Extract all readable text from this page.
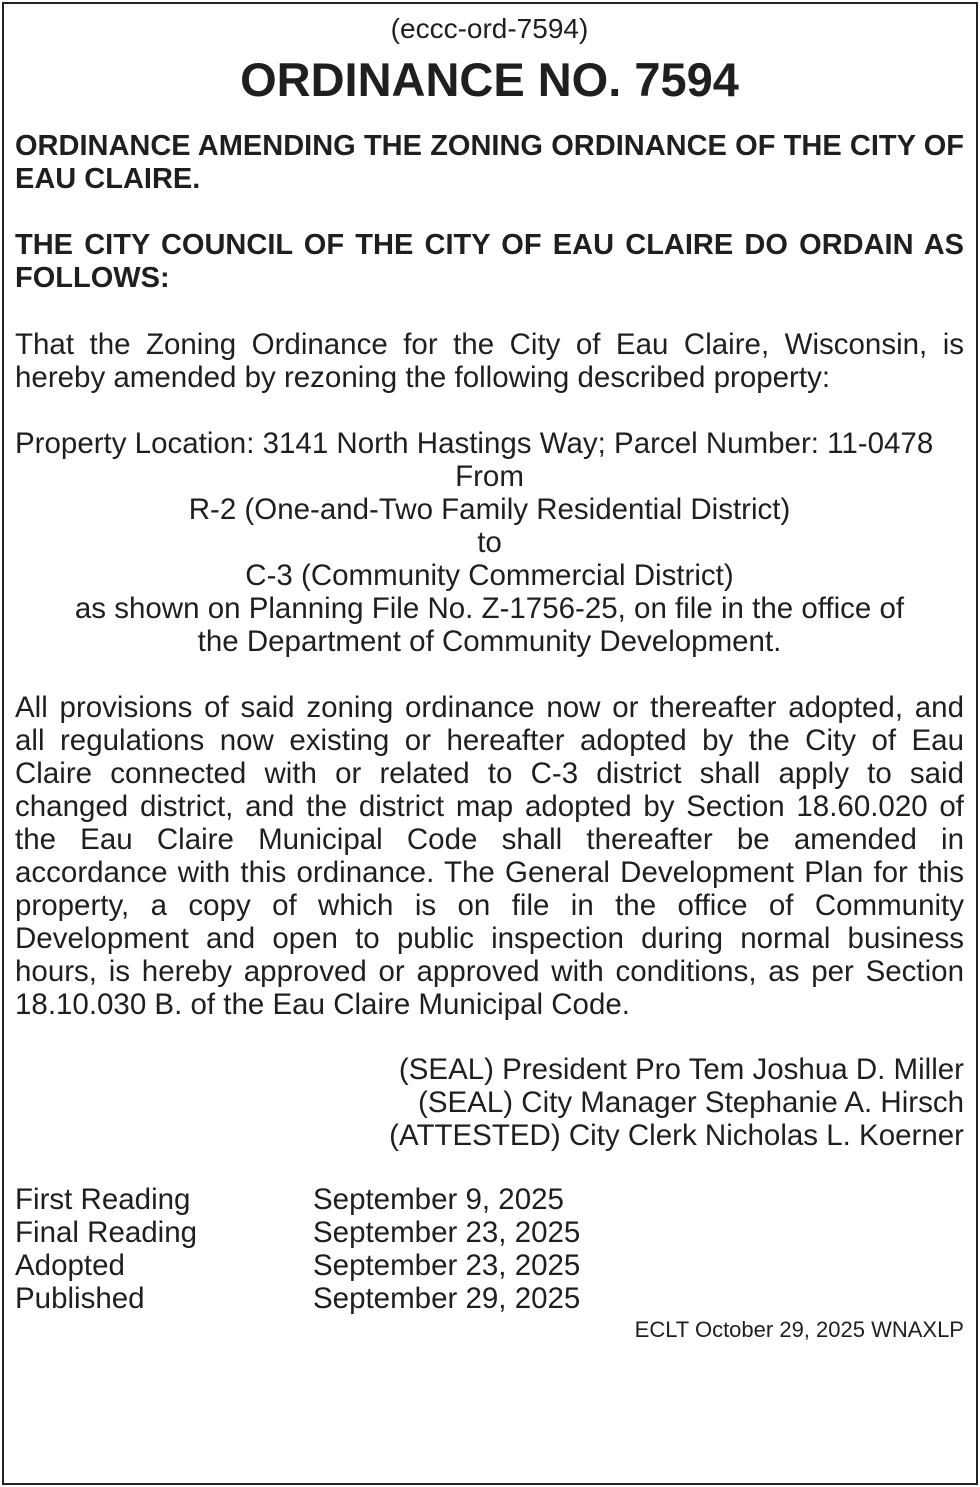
(eccc-ord-7594)
ORDINANCE NO. 7594
ORDINANCE AMENDING THE ZONING ORDINANCE OF THE CITY OF EAU CLAIRE.
THE CITY COUNCIL OF THE CITY OF EAU CLAIRE DO ORDAIN AS FOLLOWS:
That the Zoning Ordinance for the City of Eau Claire, Wisconsin, is hereby amended by rezoning the following described property:
Property Location: 3141 North Hastings Way; Parcel Number: 11-0478
From
R-2 (One-and-Two Family Residential District)
to
C-3 (Community Commercial District)
as shown on Planning File No. Z-1756-25, on file in the office of
the Department of Community Development.
All provisions of said zoning ordinance now or thereafter adopted, and all regulations now existing or hereafter adopted by the City of Eau Claire connected with or related to C-3 district shall apply to said changed district, and the district map adopted by Section 18.60.020 of the Eau Claire Municipal Code shall thereafter be amended in accordance with this ordinance. The General Development Plan for this property, a copy of which is on file in the office of Community Development and open to public inspection during normal business hours, is hereby approved or approved with conditions, as per Section 18.10.030 B. of the Eau Claire Municipal Code.
(SEAL) President Pro Tem Joshua D. Miller
(SEAL) City Manager Stephanie A. Hirsch
(ATTESTED) City Clerk Nicholas L. Koerner
First Reading	September 9, 2025
Final Reading	September 23, 2025
Adopted	September 23, 2025
Published	September 29, 2025
ECLT October 29, 2025 WNAXLP
